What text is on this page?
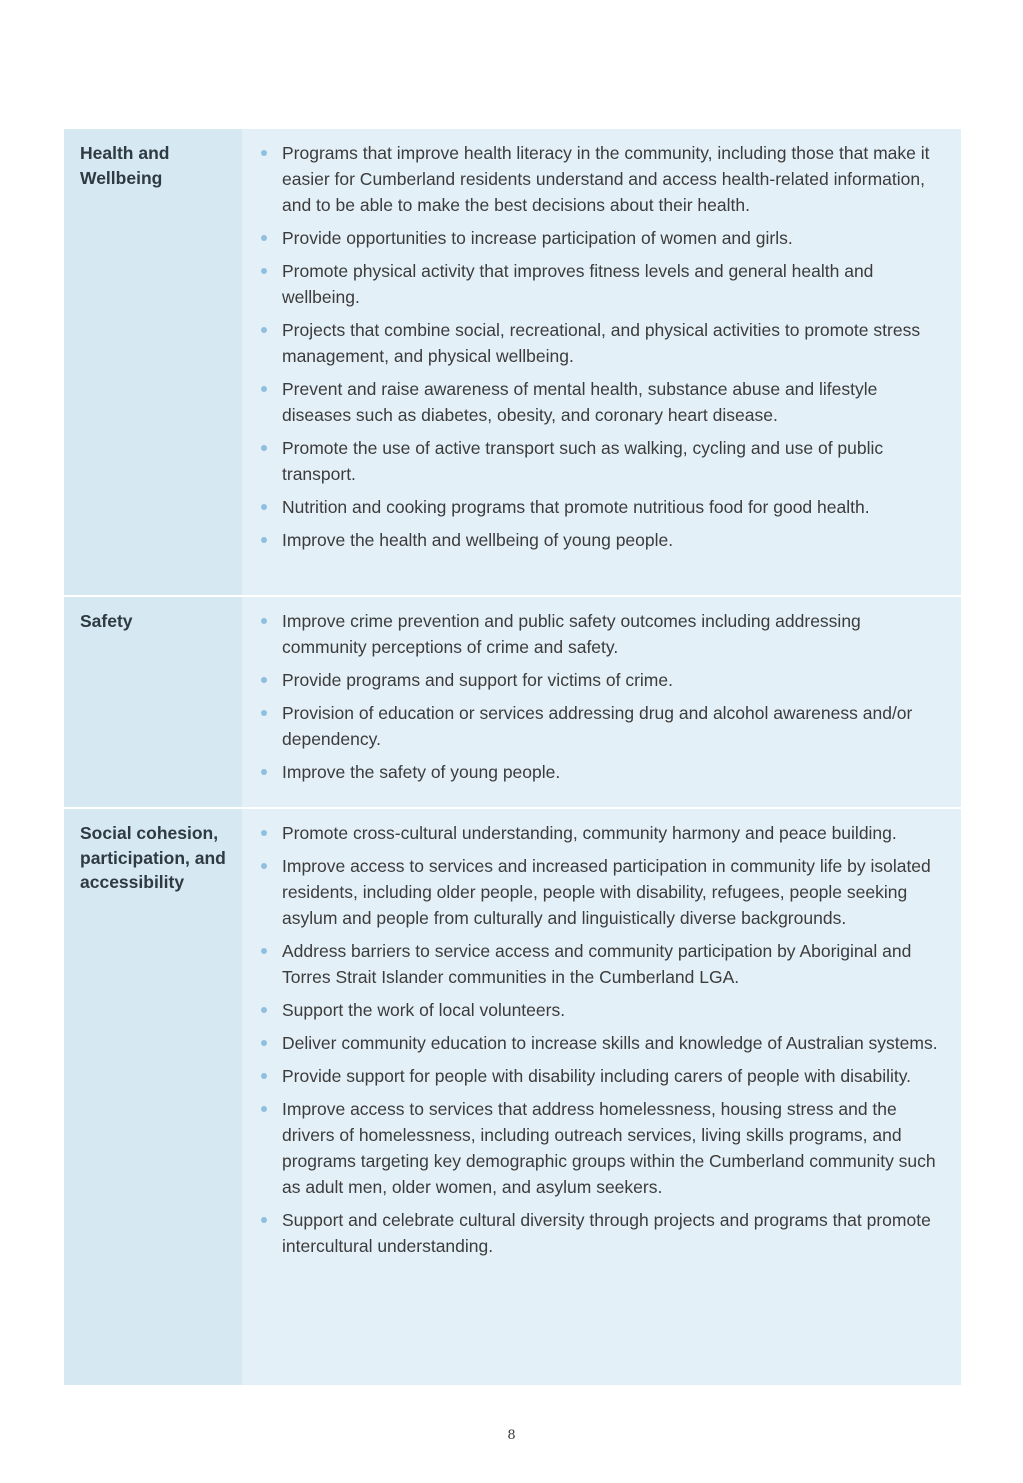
Health and Wellbeing
Programs that improve health literacy in the community, including those that make it easier for Cumberland residents understand and access health-related information, and to be able to make the best decisions about their health.
Provide opportunities to increase participation of women and girls.
Promote physical activity that improves fitness levels and general health and wellbeing.
Projects that combine social, recreational, and physical activities to promote stress management, and physical wellbeing.
Prevent and raise awareness of mental health, substance abuse and lifestyle diseases such as diabetes, obesity, and coronary heart disease.
Promote the use of active transport such as walking, cycling and use of public transport.
Nutrition and cooking programs that promote nutritious food for good health.
Improve the health and wellbeing of young people.
Safety	Improve crime prevention and public safety outcomes including addressing community perceptions of crime and safety.
Provide programs and support for victims of crime.
Provision of education or services addressing drug and alcohol awareness and/or dependency.
Improve the safety of young people.
Social cohesion, participation, and accessibility
Promote cross-cultural understanding, community harmony and peace building.
Improve access to services and increased participation in community life by isolated residents, including older people, people with disability, refugees, people seeking asylum and people from culturally and linguistically diverse backgrounds.
Address barriers to service access and community participation by Aboriginal and Torres Strait Islander communities in the Cumberland LGA.
Support the work of local volunteers.
Deliver community education to increase skills and knowledge of Australian systems.
Provide support for people with disability including carers of people with disability.
Improve access to services that address homelessness, housing stress and the drivers of homelessness, including outreach services, living skills programs, and programs targeting key demographic groups within the Cumberland community such as adult men, older women, and asylum seekers.
Support and celebrate cultural diversity through projects and programs that promote intercultural understanding.
8
